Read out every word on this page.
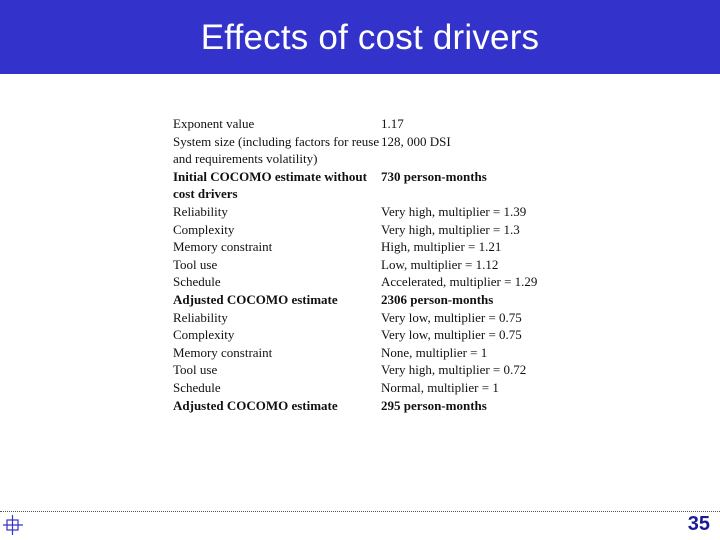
Effects of cost drivers
Exponent value	1.17
System size (including factors for reuse	128, 000 DSI
and requirements volatility)	
Initial COCOMO estimate without	730 person-months
cost drivers	
Reliability	Very high, multiplier = 1.39
Complexity	Very high, multiplier = 1.3
Memory constraint	High, multiplier = 1.21
Tool use	Low, multiplier = 1.12
Schedule	Accelerated, multiplier = 1.29
Adjusted COCOMO estimate	2306 person-months
Reliability	Very low, multiplier = 0.75
Complexity	Very low, multiplier = 0.75
Memory constraint	None, multiplier = 1
Tool use	Very high, multiplier = 0.72
Schedule	Normal, multiplier = 1
Adjusted COCOMO estimate	295 person-months
35
